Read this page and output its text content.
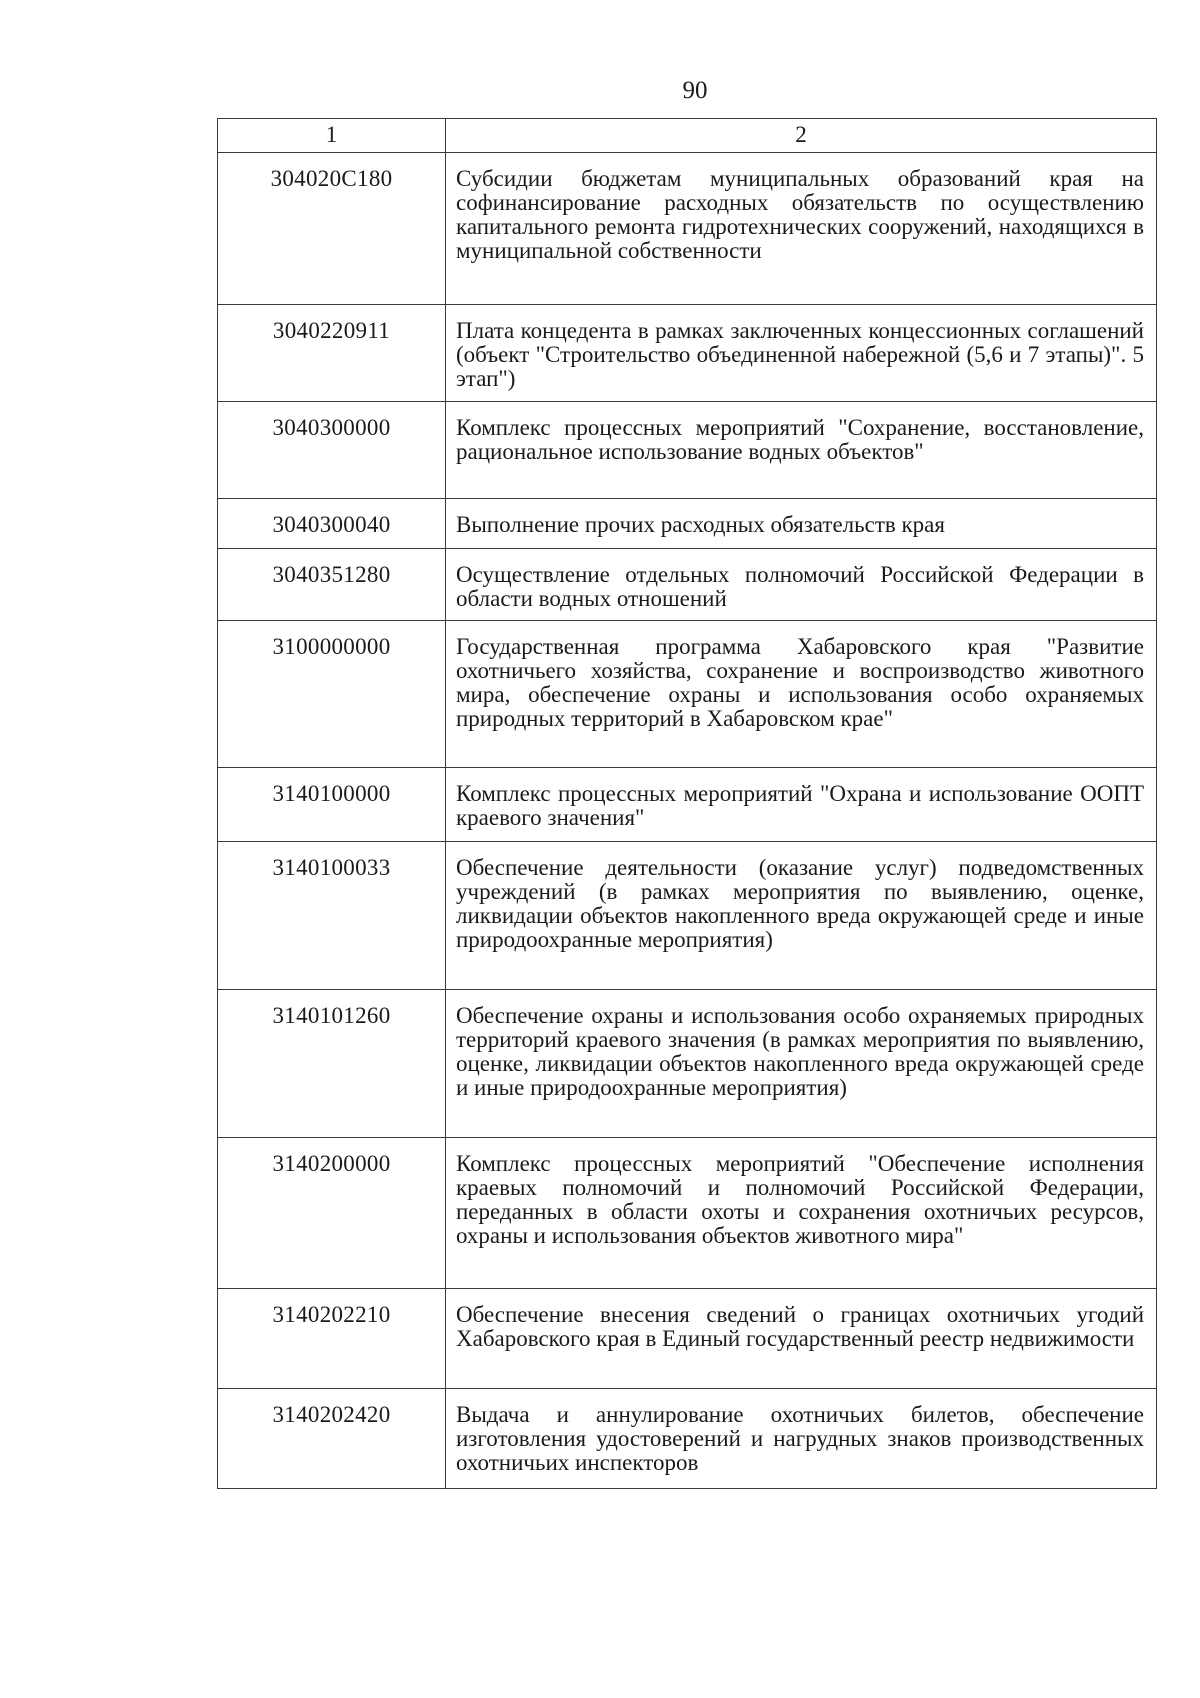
90
1	2
304020C180	Субсидии бюджетам муниципальных образований края на софинансирование расходных обязательств по осуществлению капитального ремонта гидротехнических сооружений, находящихся в муниципальной собственности
3040220911	Плата концедента в рамках заключенных концессионных соглашений (объект "Строительство объединенной набережной (5,6 и 7 этапы)". 5 этап")
3040300000	Комплекс процессных мероприятий "Сохранение, восстановление, рациональное использование водных объектов"
3040300040	Выполнение прочих расходных обязательств края
3040351280	Осуществление отдельных полномочий Российской Федерации в области водных отношений
3100000000	Государственная программа Хабаровского края "Развитие охотничьего хозяйства, сохранение и воспроизводство животного мира, обеспечение охраны и использования особо охраняемых природных территорий в Хабаровском крае"
3140100000	Комплекс процессных мероприятий "Охрана и использование ООПТ краевого значения"
3140100033	Обеспечение деятельности (оказание услуг) подведомственных учреждений (в рамках мероприятия по выявлению, оценке, ликвидации объектов накопленного вреда окружающей среде и иные природоохранные мероприятия)
3140101260	Обеспечение охраны и использования особо охраняемых природных территорий краевого значения (в рамках мероприятия по выявлению, оценке, ликвидации объектов накопленного вреда окружающей среде и иные природоохранные мероприятия)
3140200000	Комплекс процессных мероприятий "Обеспечение исполнения краевых полномочий и полномочий Российской Федерации, переданных в области охоты и сохранения охотничьих ресурсов, охраны и использования объектов животного мира"
3140202210	Обеспечение внесения сведений о границах охотничьих угодий Хабаровского края в Единый государственный реестр недвижимости
3140202420	Выдача и аннулирование охотничьих билетов, обеспечение изготовления удостоверений и нагрудных знаков производственных охотничьих инспекторов
